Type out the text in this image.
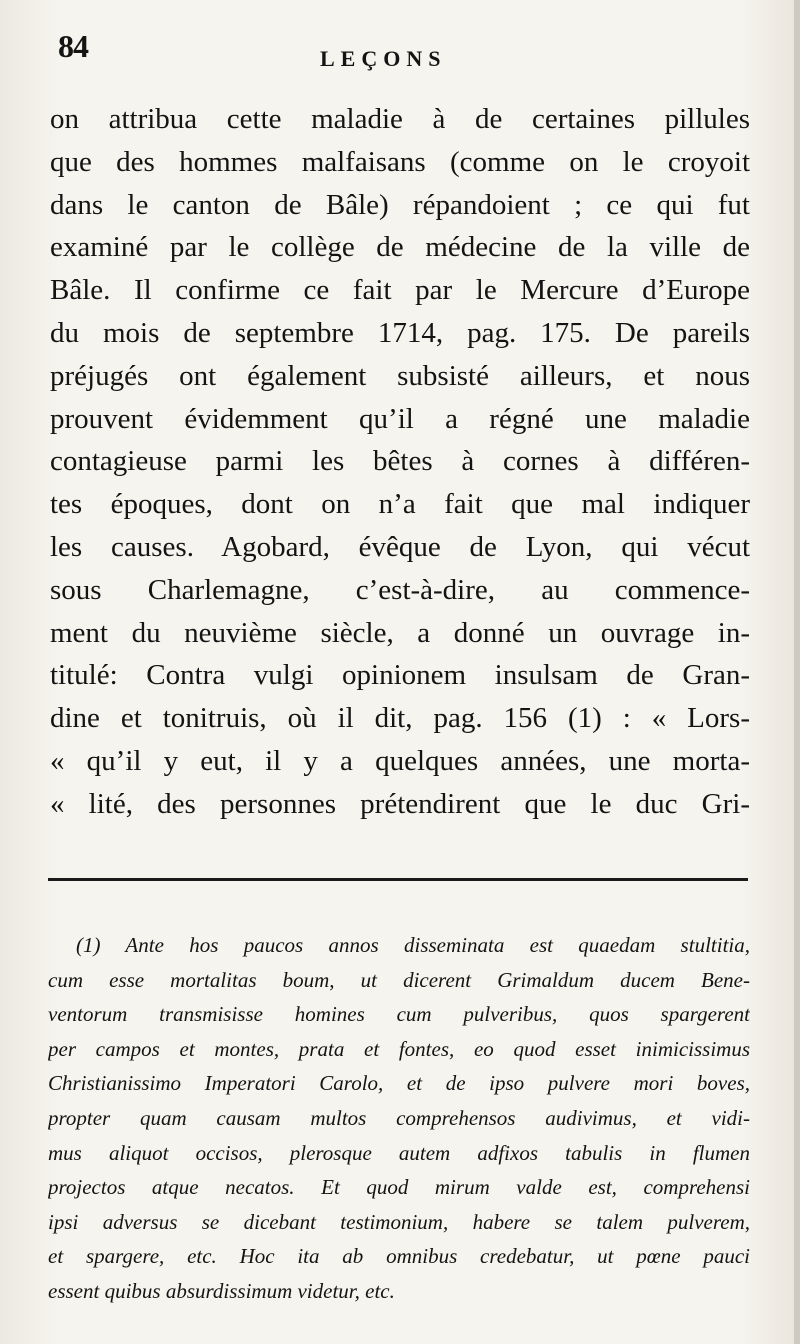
84	LEÇONS
on attribua cette maladie à de certaines pillules
que des hommes malfaisans (comme on le croyoit
dans le canton de Bâle) répandoient ; ce qui fut
examiné par le collège de médecine de la ville de
Bâle. Il confirme ce fait par le Mercure d’Europe
du mois de septembre 1714, pag. 175. De pareils
préjugés ont également subsisté ailleurs, et nous
prouvent évidemment qu’il a régné une maladie
contagieuse parmi les bêtes à cornes à différen-
tes époques, dont on n’a fait que mal indiquer
les causes. Agobard, évêque de Lyon, qui vécut
sous Charlemagne, c’est-à-dire, au commence-
ment du neuvième siècle, a donné un ouvrage in-
titulé: Contra vulgi opinionem insulsam de Gran-
dine et tonitruis, où il dit, pag. 156 (1) : « Lors-
« qu’il y eut, il y a quelques années, une morta-
« lité, des personnes prétendirent que le duc Gri-
(1) Ante hos paucos annos disseminata est quaedam stultitia,
cum esse mortalitas boum, ut dicerent Grimaldum ducem Bene-
ventorum transmisisse homines cum pulveribus, quos spargerent
per campos et montes, prata et fontes, eo quod esset inimicissimus
Christianissimo Imperatori Carolo, et de ipso pulvere mori boves,
propter quam causam multos comprehensos audivimus, et vidi-
mus aliquot occisos, plerosque autem adfixos tabulis in flumen
projectos atque necatos. Et quod mirum valde est, comprehensi
ipsi adversus se dicebant testimonium, habere se talem pulverem,
et spargere, etc. Hoc ita ab omnibus credebatur, ut pœne pauci
essent quibus absurdissimum videtur, etc.
